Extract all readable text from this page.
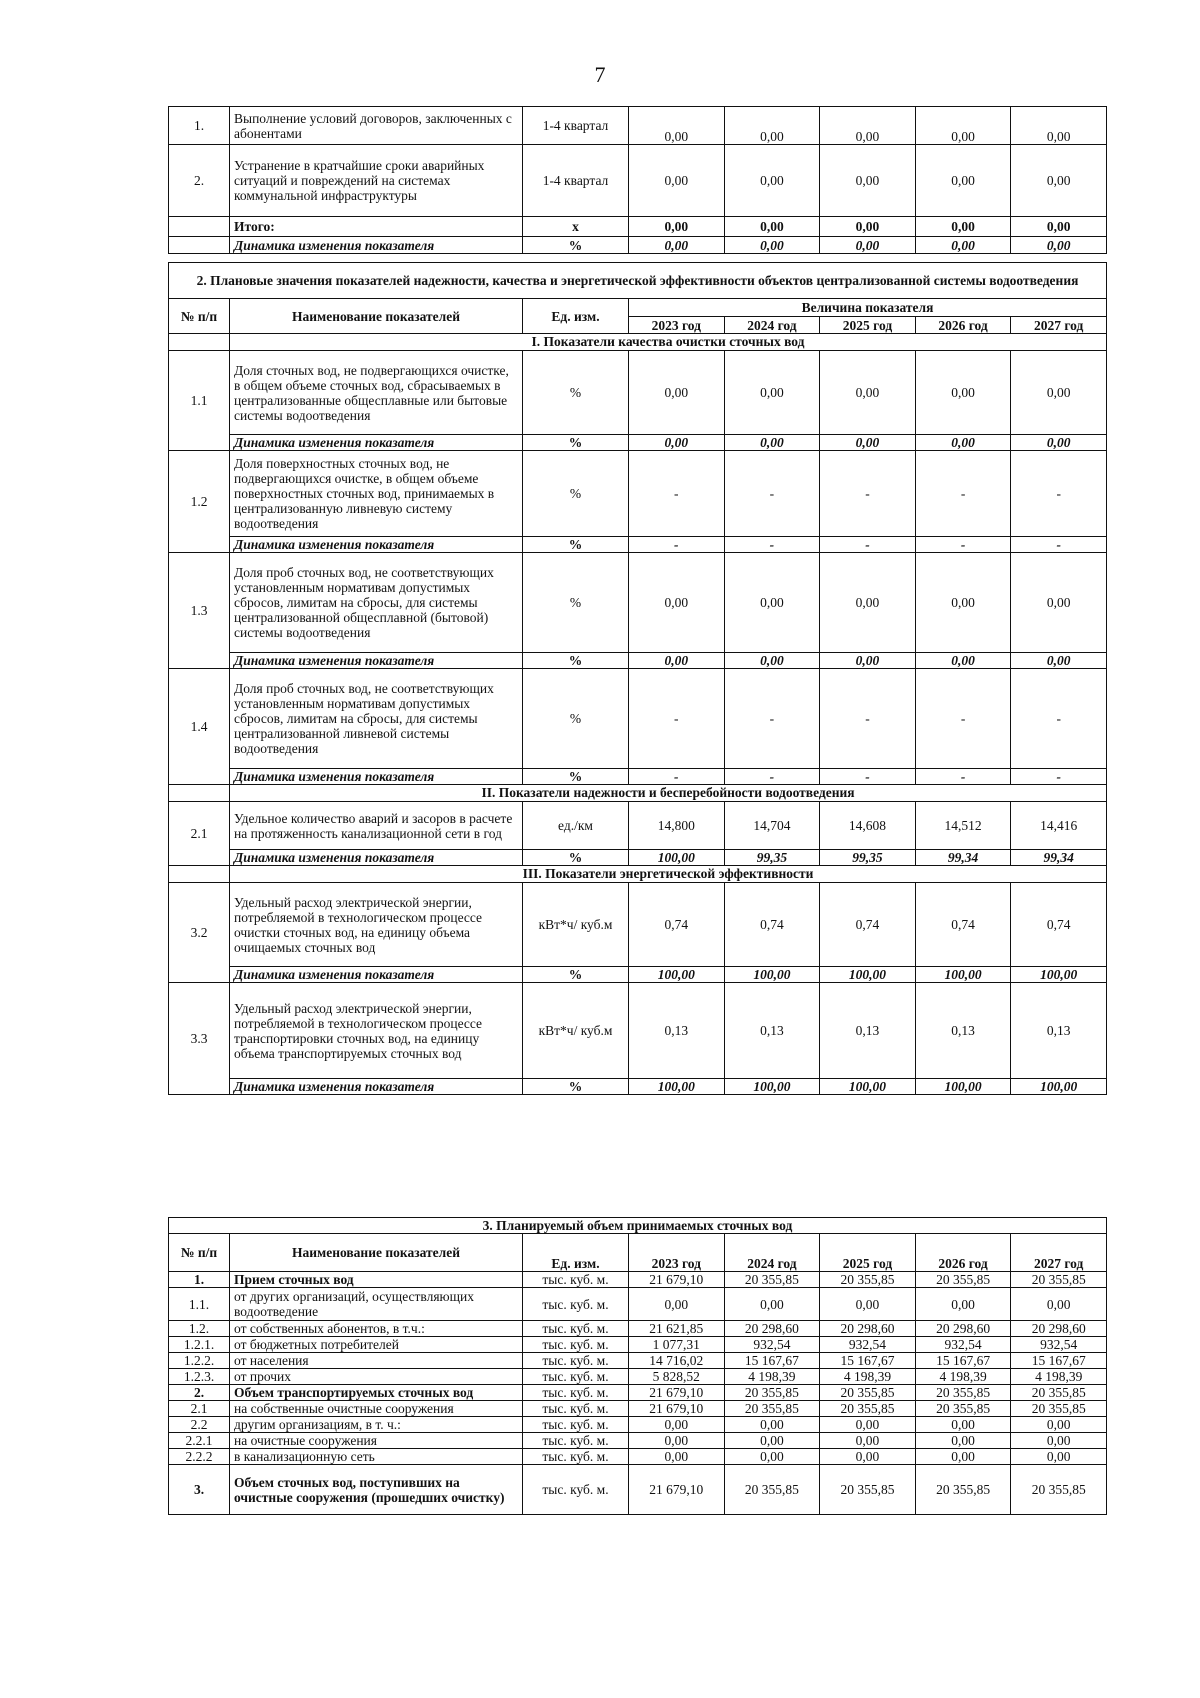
7
1.	Выполнение условий договоров, заключенных с абонентами	1-4 квартал	0,00	0,00	0,00	0,00	0,00
2.	Устранение в кратчайшие сроки аварийных ситуаций и повреждений на системах коммунальной инфраструктуры	1-4 квартал	0,00	0,00	0,00	0,00	0,00
	Итого:	х	0,00	0,00	0,00	0,00	0,00
	Динамика изменения показателя	%	0,00	0,00	0,00	0,00	0,00
2. Плановые значения показателей надежности, качества и энергетической эффективности объектов централизованной системы водоотведения							
№ п/п	Наименование показателей	Ед. изм.	Величина показателя				
			2023 год	2024 год	2025 год	2026 год	2027 год
	I. Показатели качества очистки сточных вод						
1.1	Доля сточных вод, не подвергающихся очистке, в общем объеме сточных вод, сбрасываемых в централизованные общесплавные или бытовые системы водоотведения	%	0,00	0,00	0,00	0,00	0,00
	Динамика изменения показателя	%	0,00	0,00	0,00	0,00	0,00
1.2	Доля поверхностных сточных вод, не подвергающихся очистке, в общем объеме поверхностных сточных вод, принимаемых в централизованную ливневую систему водоотведения	%	-	-	-	-	-
	Динамика изменения показателя	%	-	-	-	-	-
1.3	Доля проб сточных вод, не соответствующих установленным нормативам допустимых сбросов, лимитам на сбросы, для системы централизованной общесплавной (бытовой) системы водоотведения	%	0,00	0,00	0,00	0,00	0,00
	Динамика изменения показателя	%	0,00	0,00	0,00	0,00	0,00
1.4	Доля проб сточных вод, не соответствующих установленным нормативам допустимых сбросов, лимитам на сбросы, для системы централизованной ливневой системы водоотведения	%	-	-	-	-	-
	Динамика изменения показателя	%	-	-	-	-	-
	II. Показатели надежности и бесперебойности водоотведения						
2.1	Удельное количество аварий и засоров в расчете на протяженность канализационной сети в год	ед./км	14,800	14,704	14,608	14,512	14,416
	Динамика изменения показателя	%	100,00	99,35	99,35	99,34	99,34
	III. Показатели энергетической эффективности						
3.2	Удельный расход электрической энергии, потребляемой в технологическом процессе очистки сточных вод, на единицу объема очищаемых сточных вод	кВт*ч/ куб.м	0,74	0,74	0,74	0,74	0,74
	Динамика изменения показателя	%	100,00	100,00	100,00	100,00	100,00
3.3	Удельный расход электрической энергии, потребляемой в технологическом процессе транспортировки сточных вод, на единицу объема транспортируемых сточных вод	кВт*ч/ куб.м	0,13	0,13	0,13	0,13	0,13
	Динамика изменения показателя	%	100,00	100,00	100,00	100,00	100,00
3. Планируемый объем принимаемых сточных вод							
№ п/п	Наименование показателей	Ед. изм.	2023 год	2024 год	2025 год	2026 год	2027 год
1.	Прием сточных вод	тыс. куб. м.	21 679,10	20 355,85	20 355,85	20 355,85	20 355,85
1.1.	от других организаций, осуществляющих водоотведение	тыс. куб. м.	0,00	0,00	0,00	0,00	0,00
1.2.	от собственных абонентов, в т.ч.:	тыс. куб. м.	21 621,85	20 298,60	20 298,60	20 298,60	20 298,60
1.2.1.	от бюджетных потребителей	тыс. куб. м.	1 077,31	932,54	932,54	932,54	932,54
1.2.2.	от населения	тыс. куб. м.	14 716,02	15 167,67	15 167,67	15 167,67	15 167,67
1.2.3.	от прочих	тыс. куб. м.	5 828,52	4 198,39	4 198,39	4 198,39	4 198,39
2.	Объем транспортируемых сточных вод	тыс. куб. м.	21 679,10	20 355,85	20 355,85	20 355,85	20 355,85
2.1	на собственные очистные сооружения	тыс. куб. м.	21 679,10	20 355,85	20 355,85	20 355,85	20 355,85
2.2	другим организациям, в т. ч.:	тыс. куб. м.	0,00	0,00	0,00	0,00	0,00
2.2.1	на очистные сооружения	тыс. куб. м.	0,00	0,00	0,00	0,00	0,00
2.2.2	в канализационную сеть	тыс. куб. м.	0,00	0,00	0,00	0,00	0,00
3.	Объем сточных вод, поступивших на очистные сооружения (прошедших очистку)	тыс. куб. м.	21 679,10	20 355,85	20 355,85	20 355,85	20 355,85
